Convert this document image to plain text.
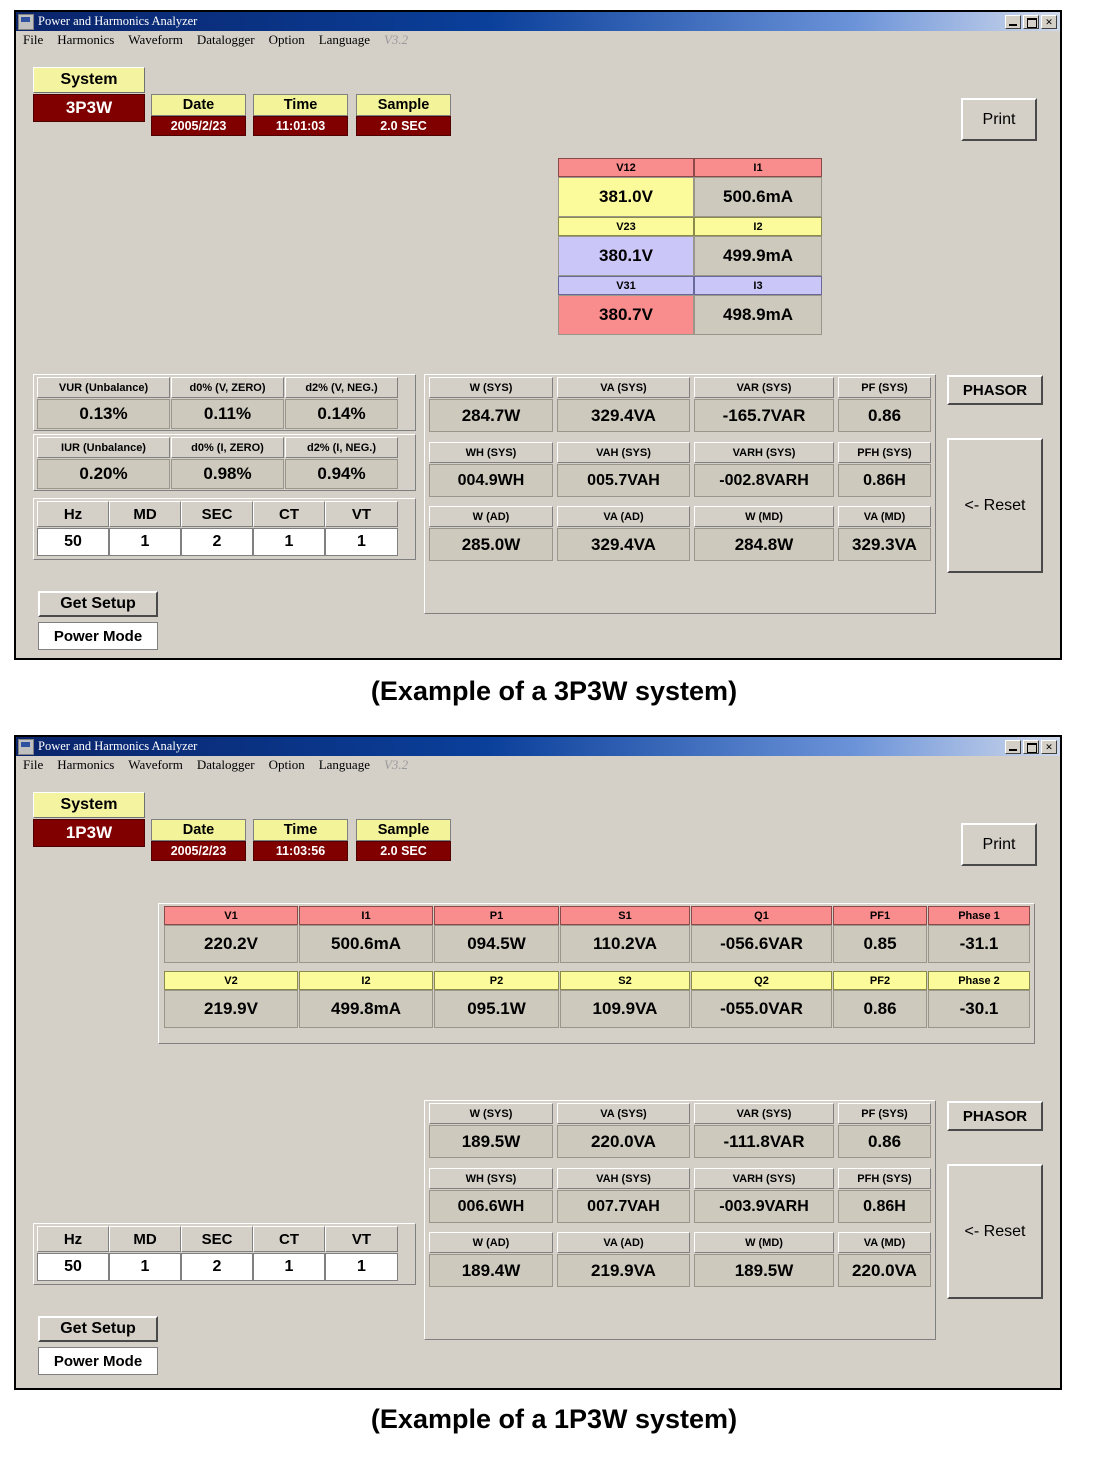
Power and Harmonics Analyzer	✕
File Harmonics Waveform Datalogger Option Language V3.2
System
3P3W	Date
2005/2/23
Time
11:01:03
Sample
2.0 SEC	Print
V12	I1
381.0V	500.6mA
V23	I2
380.1V	499.9mA
V31	I3
380.7V	498.9mA
VUR (Unbalance)	d0% (V, ZERO)	d2% (V, NEG.)
0.13%	0.11%	0.14%
IUR (Unbalance)	d0% (I, ZERO)	d2% (I, NEG.)
0.20%	0.98%	0.94%
Hz	MD	SEC	CT	VT
50	1	2	1	1
Get Setup
Power Mode
W (SYS)	VA (SYS)	VAR (SYS)	PF (SYS)
284.7W	329.4VA	-165.7VAR	0.86
WH (SYS)	VAH (SYS)	VARH (SYS)	PFH (SYS)
004.9WH	005.7VAH	-002.8VARH	0.86H
W (AD)	VA (AD)	W (MD)	VA (MD)
285.0W	329.4VA	284.8W	329.3VA
PHASOR
<- Reset
(Example of a 3P3W system)
Power and Harmonics Analyzer	✕
File Harmonics Waveform Datalogger Option Language V3.2
System
1P3W	Date
2005/2/23
Time
11:03:56
Sample
2.0 SEC	Print
V1	I1	P1	S1	Q1	PF1	Phase 1
220.2V	500.6mA	094.5W	110.2VA	-056.6VAR	0.85	-31.1
V2	I2	P2	S2	Q2	PF2	Phase 2
219.9V	499.8mA	095.1W	109.9VA	-055.0VAR	0.86	-30.1
W (SYS)	VA (SYS)	VAR (SYS)	PF (SYS)
189.5W	220.0VA	-111.8VAR	0.86
WH (SYS)	VAH (SYS)	VARH (SYS)	PFH (SYS)
006.6WH	007.7VAH	-003.9VARH	0.86H
W (AD)	VA (AD)	W (MD)	VA (MD)
189.4W	219.9VA	189.5W	220.0VA
PHASOR
<- Reset
Hz	MD	SEC	CT	VT
50	1	2	1	1
Get Setup
Power Mode
(Example of a 1P3W system)
